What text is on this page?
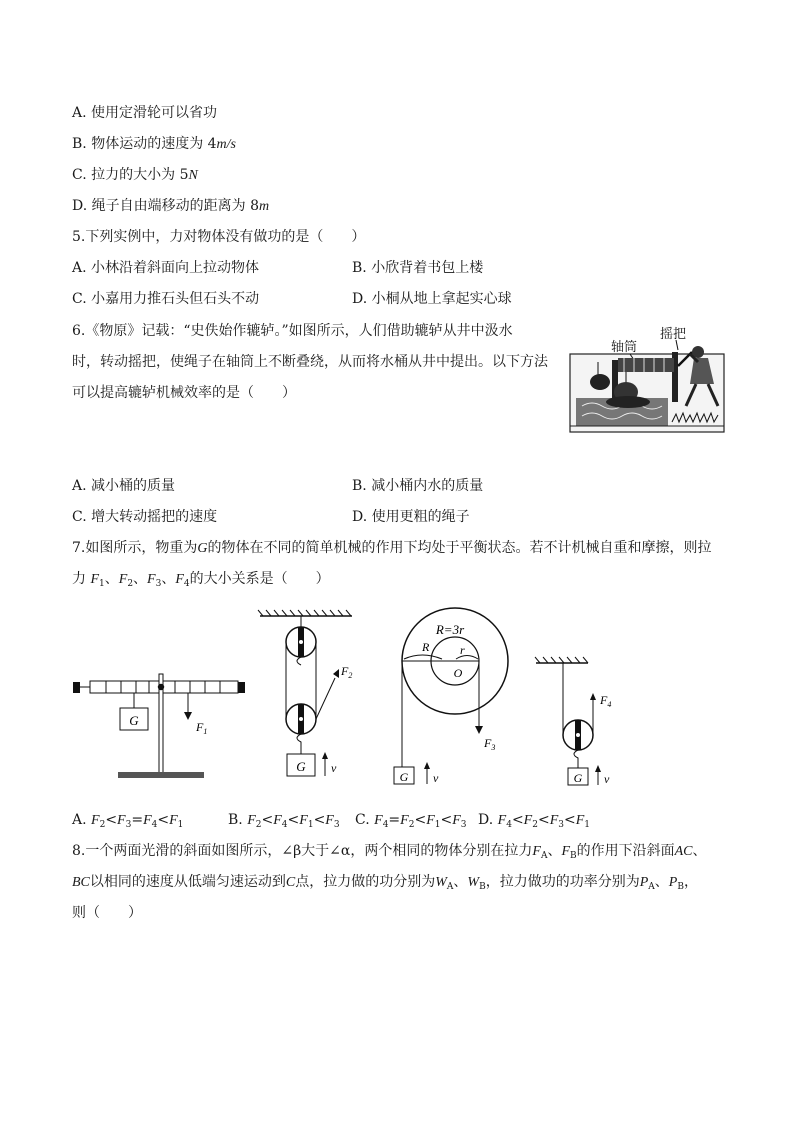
A. 使用定滑轮可以省功
B. 物体运动的速度为 4m/s
C. 拉力的大小为 5N
D. 绳子自由端移动的距离为 8m
5.下列实例中，力对物体没有做功的是（　　）
A. 小林沿着斜面向上拉动物体	B. 小欣背着书包上楼
C. 小嘉用力推石头但石头不动	D. 小桐从地上拿起实心球
6.《物原》记载：“史佚始作辘轳。”如图所示，人们借助辘轳从井中汲水
时，转动摇把，使绳子在轴筒上不断叠绕，从而将水桶从井中提出。以下方法
可以提高辘轳机械效率的是（　　）
轴筒
摇把
A. 减小桶的质量	B. 减小桶内水的质量
C. 增大转动摇把的速度	D. 使用更粗的绳子
7.如图所示，物重为G的物体在不同的简单机械的作用下均处于平衡状态。若不计机械自重和摩擦，则拉
力 $F_1$、$F_2$、$F_3$、$F_4$的大小关系是（　　）
G	$F_1$
$F_2$
G v
R=3r
R	r
O
G v
$F_3$
$F_4$
G v
A. $F_2<F_3=F_4<F_1$	B. $F_2<F_4<F_1<F_3$ C. $F_4=F_2<F_1<F_3$ D. $F_4<F_2<F_3<F_1$
8.一个两面光滑的斜面如图所示，∠β大于∠α，两个相同的物体分别在拉力$F_A$、$F_B$的作用下沿斜面AC、
BC以相同的速度从低端匀速运动到C点，拉力做的功分别为$W_A$、$W_B$，拉力做功的功率分别为$P_A$、$P_B$，
则（　　）
